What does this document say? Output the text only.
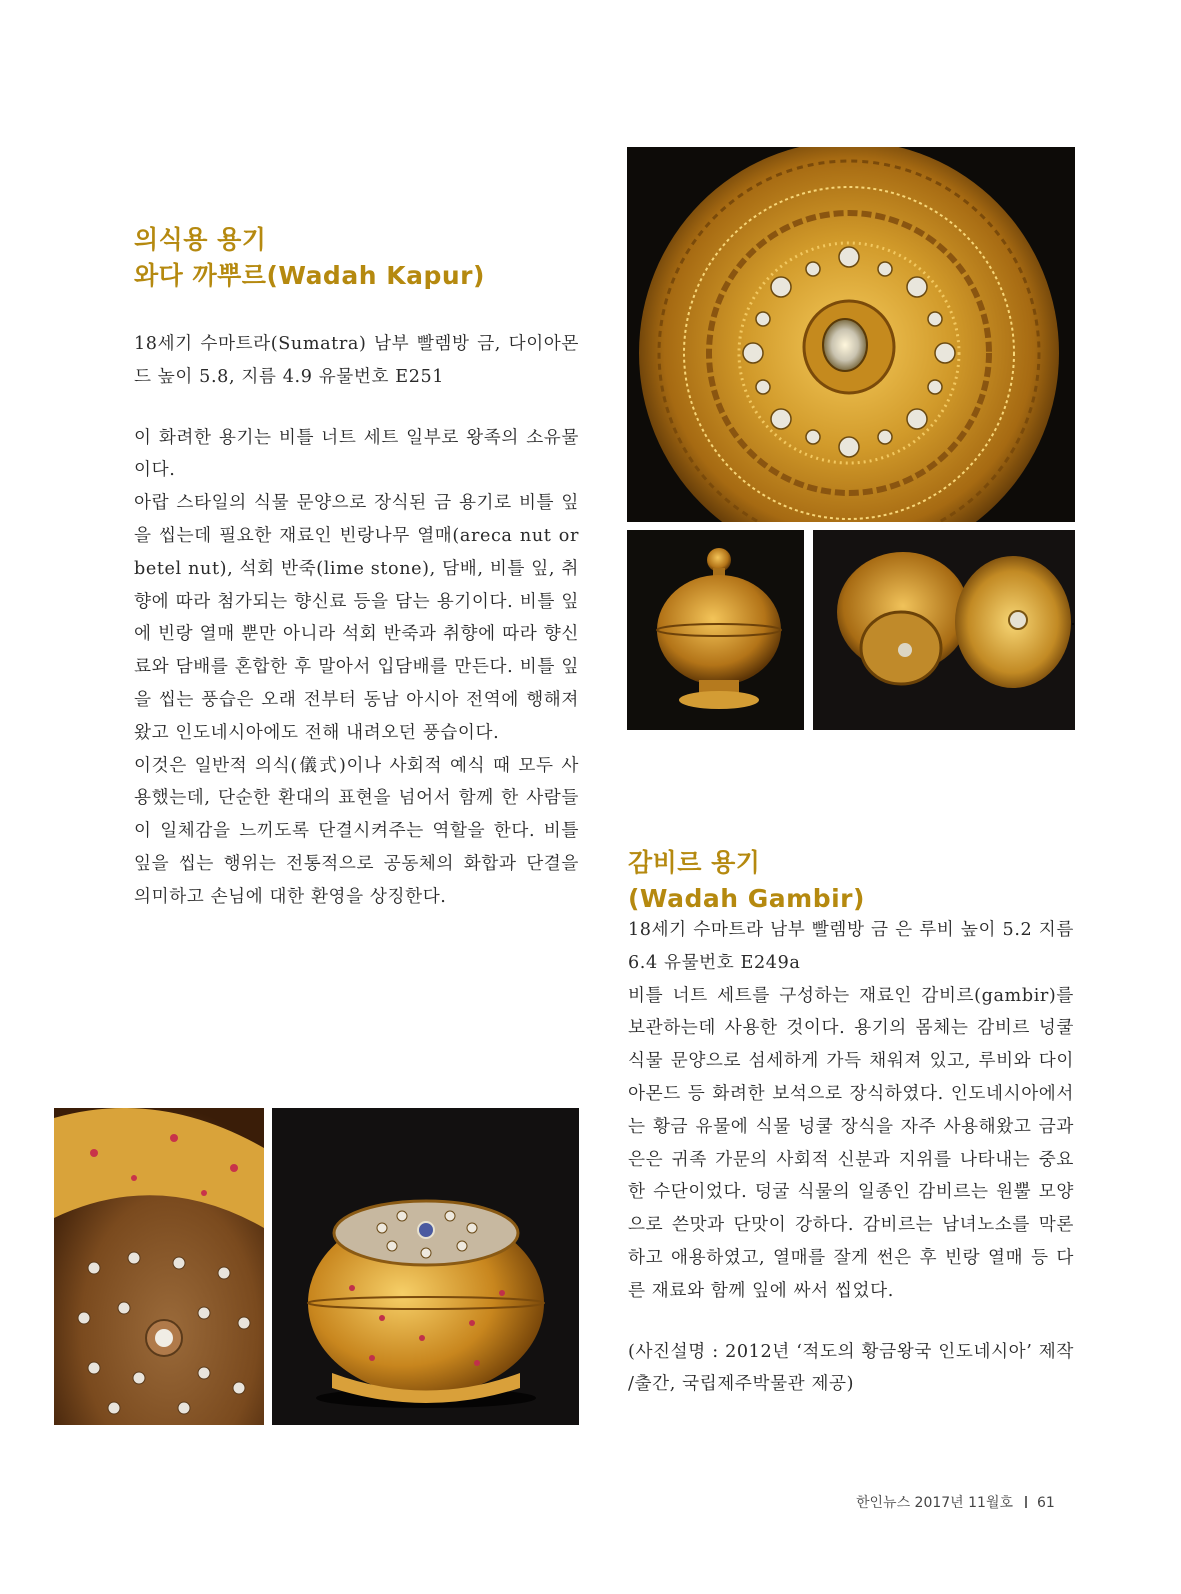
의식용 용기
와다 까뿌르(Wadah Kapur)

18세기 수마트라(Sumatra) 남부 빨렘방 금, 다이아몬드 높이 5.8, 지름 4.9 유물번호 E251

이 화려한 용기는 비틀 너트 세트 일부로 왕족의 소유물이다.

아랍 스타일의 식물 문양으로 장식된 금 용기로 비틀 잎을 씹는데 필요한 재료인 빈랑나무 열매(areca nut or betel nut), 석회 반죽(lime stone), 담배, 비틀 잎, 취향에 따라 첨가되는 향신료 등을 담는 용기이다. 비틀 잎에 빈랑 열매 뿐만 아니라 석회 반죽과 취향에 따라 향신료와 담배를 혼합한 후 말아서 입담배를 만든다. 비틀 잎을 씹는 풍습은 오래 전부터 동남 아시아 전역에 행해져 왔고 인도네시아에도 전해 내려오던 풍습이다.

이것은 일반적 의식(儀式)이나 사회적 예식 때 모두 사용했는데, 단순한 환대의 표현을 넘어서 함께 한 사람들이 일체감을 느끼도록 단결시켜주는 역할을 한다. 비틀잎을 씹는 행위는 전통적으로 공동체의 화합과 단결을 의미하고 손님에 대한 환영을 상징한다.

감비르 용기
(Wadah Gambir)

18세기 수마트라 남부 빨렘방 금 은 루비 높이 5.2 지름 6.4 유물번호 E249a

비틀 너트 세트를 구성하는 재료인 감비르(gambir)를 보관하는데 사용한 것이다. 용기의 몸체는 감비르 넝쿨 식물 문양으로 섬세하게 가득 채워져 있고, 루비와 다이아몬드 등 화려한 보석으로 장식하였다. 인도네시아에서는 황금 유물에 식물 넝쿨 장식을 자주 사용해왔고 금과 은은 귀족 가문의 사회적 신분과 지위를 나타내는 중요한 수단이었다. 덩굴 식물의 일종인 감비르는 원뿔 모양으로 쓴맛과 단맛이 강하다. 감비르는 남녀노소를 막론하고 애용하였고, 열매를 잘게 썬은 후 빈랑 열매 등 다른 재료와 함께 잎에 싸서 씹었다.

(사진설명 : 2012년 ‘적도의 황금왕국 인도네시아’ 제작 /출간, 국립제주박물관 제공)

한인뉴스 2017년 11월호 61
